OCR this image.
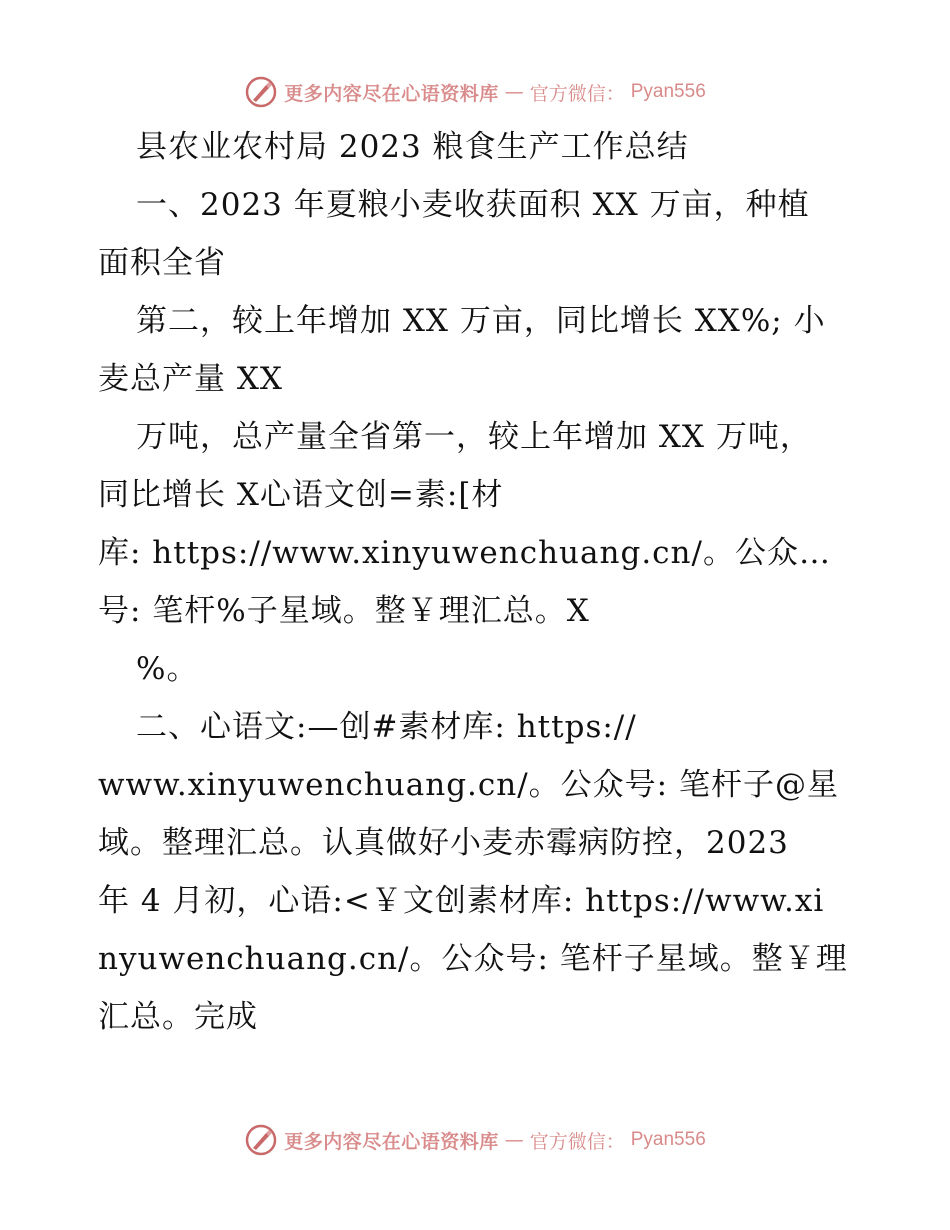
更多内容尽在心语资料库 — 官方微信： Pyan556
县农业农村局 2023 粮食生产工作总结
一、2023 年夏粮小麦收获面积 XX 万亩，种植
面积全省
第二，较上年增加 XX 万亩，同比增长 XX%; 小
麦总产量 XX
万吨，总产量全省第一，较上年增加 XX 万吨，
同比增长 X心语文创=素:[材
库: https://www.xinyuwenchuang.cn/。公众…
号: 笔杆%子星域。整￥理汇总。X
%。
二、心语文:—创#素材库: https://
www.xinyuwenchuang.cn/。公众号: 笔杆子@星
域。整理汇总。认真做好小麦赤霉病防控，2023
年 4 月初，心语:<￥文创素材库: https://www.xi
nyuwenchuang.cn/。公众号: 笔杆子星域。整￥理
汇总。完成
更多内容尽在心语资料库 — 官方微信： Pyan556
